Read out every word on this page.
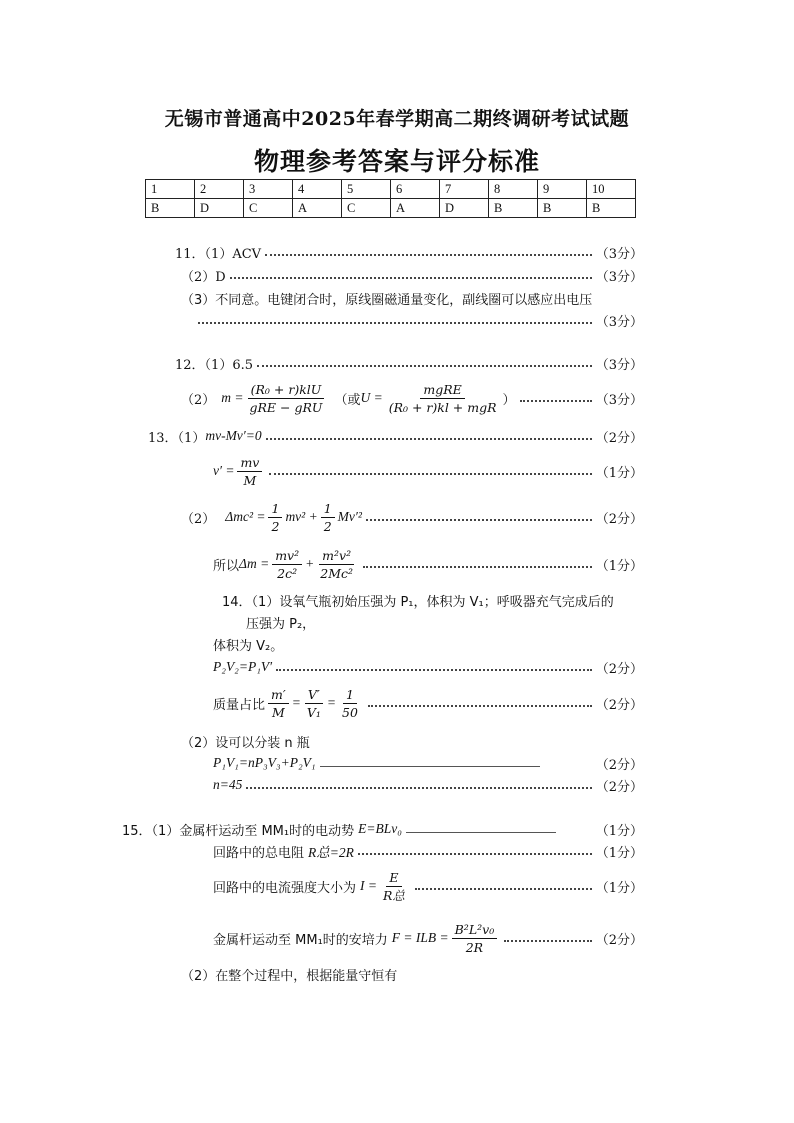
无锡市普通高中2025年春学期高二期终调研考试试题
物理参考答案与评分标准
1	2	3	4	5	6	7	8	9	10
B	D	C	A	C	A	D	B	B	B
11．（1）ACV	（3分）
（2）D	（3分）
（3）不同意。电键闭合时，原线圈磁通量变化，副线圈可以感应出电压
（3分）
12．（1）6.5	（3分）
（2） $m = \frac{\text{(R₀ + r)klU}}{\text{gRE − gRU}}$ （或 $U = \frac{\text{mgRE}}{\text{(R₀ + r)kl + mgR}}$ ）	（3分）
13．（1） mv-Mv′=0	（2分）
$v' = \frac{mv}{M}$	（1分）
（2） $\Delta mc^2 = \frac{1}{2} mv^2 + \frac{1}{2} Mv'^2$	（2分）
所以 $\Delta m = \frac{\text{mv²}}{\text{2c²}} + \frac{\text{m²v²}}{\text{2Mc²}}$	（1分）
14．（1）设氧气瓶初始压强为 P₁，体积为 V₁；呼吸器充气完成后的
压强为 P₂，
体积为 V₂。
P₂V₂=P₁V′	（2分）
质量占比 $\frac{m'}{M} = \frac{V'}{\text{V₁}} = \frac{1}{50}$	（2分）
（2）设可以分装 n 瓶
P₁V₁=nP₃V₃+P₂V₁	（2分）
n=45	（2分）
15．（1）金属杆运动至 MM₁时的电动势 E=BLv₀	（1分）
回路中的总电阻 R总=2R	（1分）
回路中的电流强度大小为 $I = \frac{E}{\text{R总}}$	（1分）
金属杆运动至 MM₁时的安培力 F = ILB = $\frac{\text{B²L²v₀}}{2R}$	（2分）
（2）在整个过程中，根据能量守恒有
